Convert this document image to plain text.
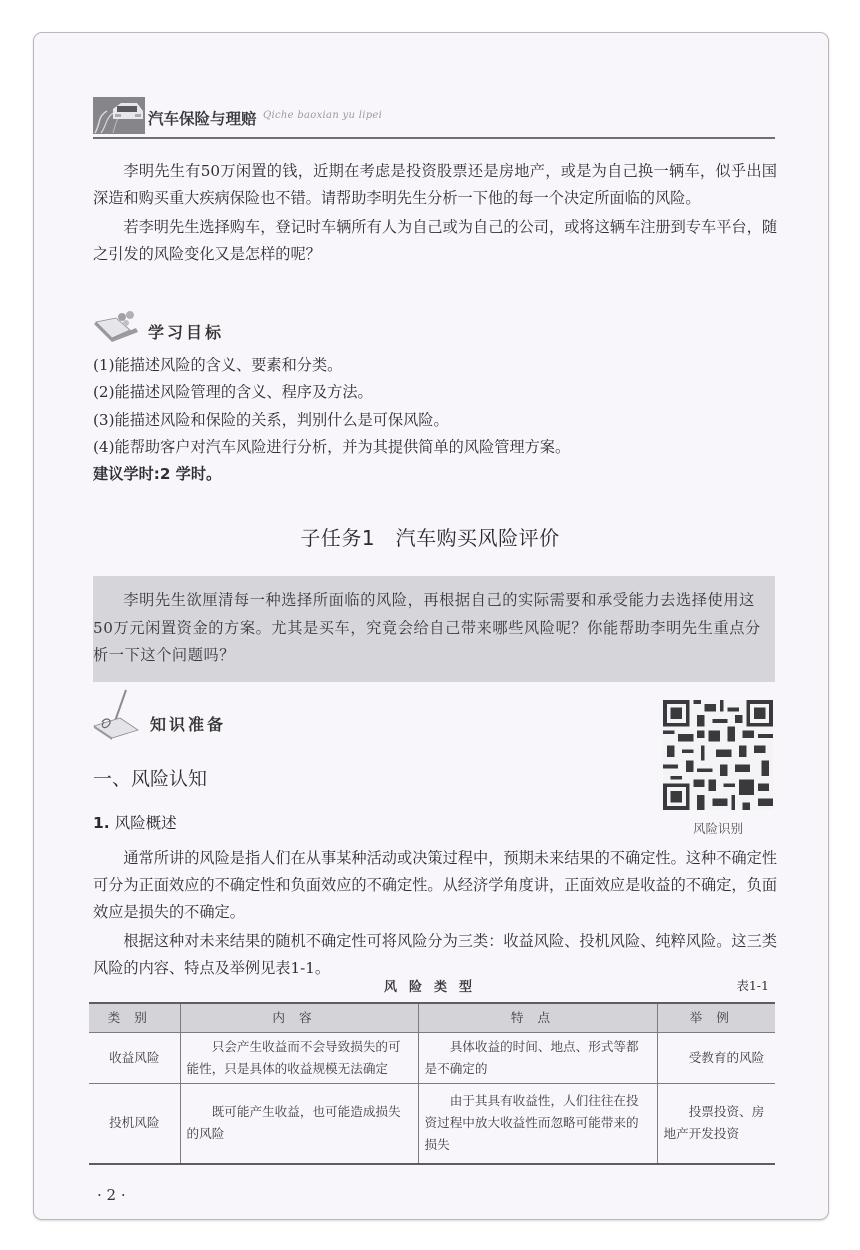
汽车保险与理赔 Qiche baoxian yu lipei

李明先生有50万闲置的钱，近期在考虑是投资股票还是房地产，或是为自己换一辆车，似乎出国深造和购买重大疾病保险也不错。请帮助李明先生分析一下他的每一个决定所面临的风险。

若李明先生选择购车，登记时车辆所有人为自己或为自己的公司，或将这辆车注册到专车平台，随之引发的风险变化又是怎样的呢？

学习目标
(1)能描述风险的含义、要素和分类。
(2)能描述风险管理的含义、程序及方法。
(3)能描述风险和保险的关系，判别什么是可保风险。
(4)能帮助客户对汽车风险进行分析，并为其提供简单的风险管理方案。
建议学时:2 学时。
子任务1　汽车购买风险评价

李明先生欲厘清每一种选择所面临的风险，再根据自己的实际需要和承受能力去选择使用这50万元闲置资金的方案。尤其是买车，究竟会给自己带来哪些风险呢？你能帮助李明先生重点分析一下这个问题吗？

知识准备
风险识别
一、风险认知
1. 风险概述

通常所讲的风险是指人们在从事某种活动或决策过程中，预期未来结果的不确定性。这种不确定性可分为正面效应的不确定性和负面效应的不确定性。从经济学角度讲，正面效应是收益的不确定，负面效应是损失的不确定。

根据这种对未来结果的随机不确定性可将风险分为三类：收益风险、投机风险、纯粹风险。这三类风险的内容、特点及举例见表1-1。

风险类型	表1-1
类别	内容	特点	举例
收益风险	只会产生收益而不会导致损失的可能性，只是具体的收益规模无法确定	具体收益的时间、地点、形式等都是不确定的	受教育的风险
投机风险	既可能产生收益，也可能造成损失的风险	由于其具有收益性，人们往往在投资过程中放大收益性而忽略可能带来的损失	投票投资、房地产开发投资
· 2 ·
